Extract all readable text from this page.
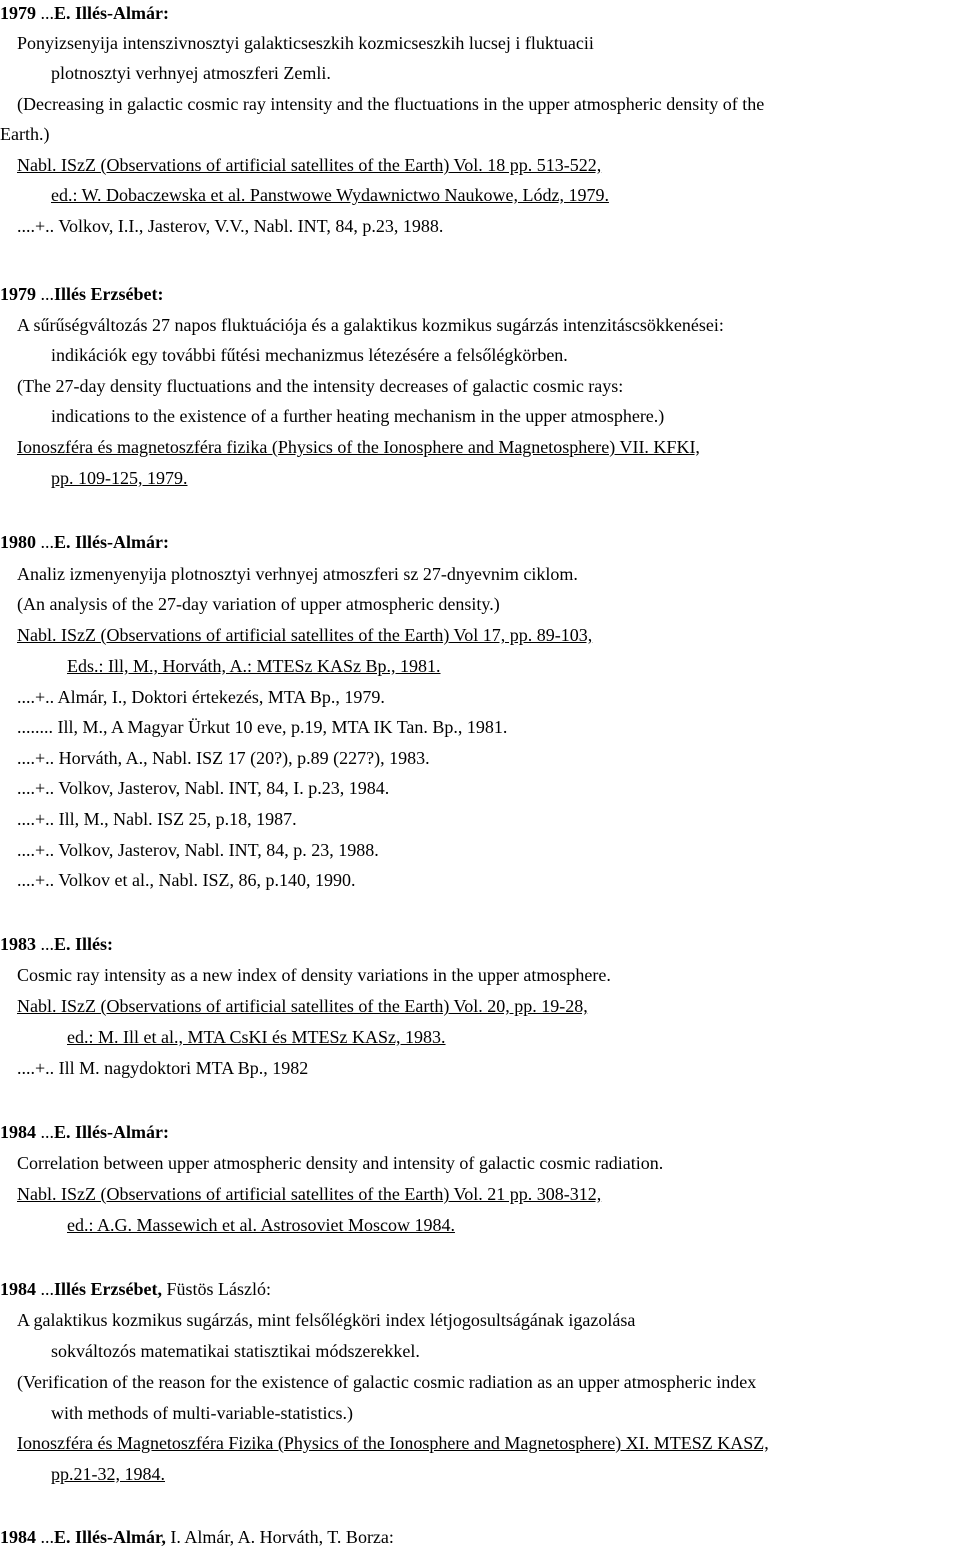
1979 ...E. Illés-Almár:
Ponyizsenyija intenszivnosztyi galakticseszkih kozmicseszkih lucsej i fluktuacii
plotnosztyi verhnyej atmoszferi Zemli.
(Decreasing in galactic cosmic ray intensity and the fluctuations in the upper atmospheric density of the
Earth.)
Nabl. ISzZ (Observations of artificial satellites of the Earth) Vol. 18 pp. 513-522,
ed.: W. Dobaczewska et al. Panstwowe Wydawnictwo Naukowe, Lódz, 1979.
....+.. Volkov, I.I., Jasterov, V.V., Nabl. INT, 84, p.23, 1988.
1979 ...Illés Erzsébet:
A sűrűségváltozás 27 napos fluktuációja és a galaktikus kozmikus sugárzás intenzitáscsökkenései:
indikációk egy további fűtési mechanizmus létezésére a felsőlégkörben.
(The 27-day density fluctuations and the intensity decreases of galactic cosmic rays:
indications to the existence of a further heating mechanism in the upper atmosphere.)
Ionoszféra és magnetoszféra fizika (Physics of the Ionosphere and Magnetosphere) VII. KFKI,
pp. 109-125, 1979.
1980 ...E. Illés-Almár:
Analiz izmenyenyija plotnosztyi verhnyej atmoszferi sz 27-dnyevnim ciklom.
(An analysis of the 27-day variation of upper atmospheric density.)
Nabl. ISzZ (Observations of artificial satellites of the Earth) Vol 17, pp. 89-103,
Eds.: Ill, M., Horváth, A.: MTESz KASz Bp., 1981.
....+.. Almár, I., Doktori értekezés, MTA Bp., 1979.
........ Ill, M., A Magyar Ürkut 10 eve, p.19, MTA IK Tan. Bp., 1981.
....+.. Horváth, A., Nabl. ISZ 17 (20?), p.89 (227?), 1983.
....+.. Volkov, Jasterov, Nabl. INT, 84, I. p.23, 1984.
....+.. Ill, M., Nabl. ISZ 25, p.18, 1987.
....+.. Volkov, Jasterov, Nabl. INT, 84, p. 23, 1988.
....+.. Volkov et al., Nabl. ISZ, 86, p.140, 1990.
1983 ...E. Illés:
Cosmic ray intensity as a new index of density variations in the upper atmosphere.
Nabl. ISzZ (Observations of artificial satellites of the Earth) Vol. 20, pp. 19-28,
ed.: M. Ill et al., MTA CsKI és MTESz KASz, 1983.
....+.. Ill M. nagydoktori MTA Bp., 1982
1984 ...E. Illés-Almár:
Correlation between upper atmospheric density and intensity of galactic cosmic radiation.
Nabl. ISzZ (Observations of artificial satellites of the Earth) Vol. 21 pp. 308-312,
ed.: A.G. Massewich et al. Astrosoviet Moscow 1984.
1984 ...Illés Erzsébet, Füstös László:
A galaktikus kozmikus sugárzás, mint felsőlégköri index létjogosultságának igazolása
sokváltozós matematikai statisztikai módszerekkel.
(Verification of the reason for the existence of galactic cosmic radiation as an upper atmospheric index
with methods of multi-variable-statistics.)
Ionoszféra és Magnetoszféra Fizika (Physics of the Ionosphere and Magnetosphere) XI. MTESZ KASZ,
pp.21-32, 1984.
1984 ...E. Illés-Almár, I. Almár, A. Horváth, T. Borza:
